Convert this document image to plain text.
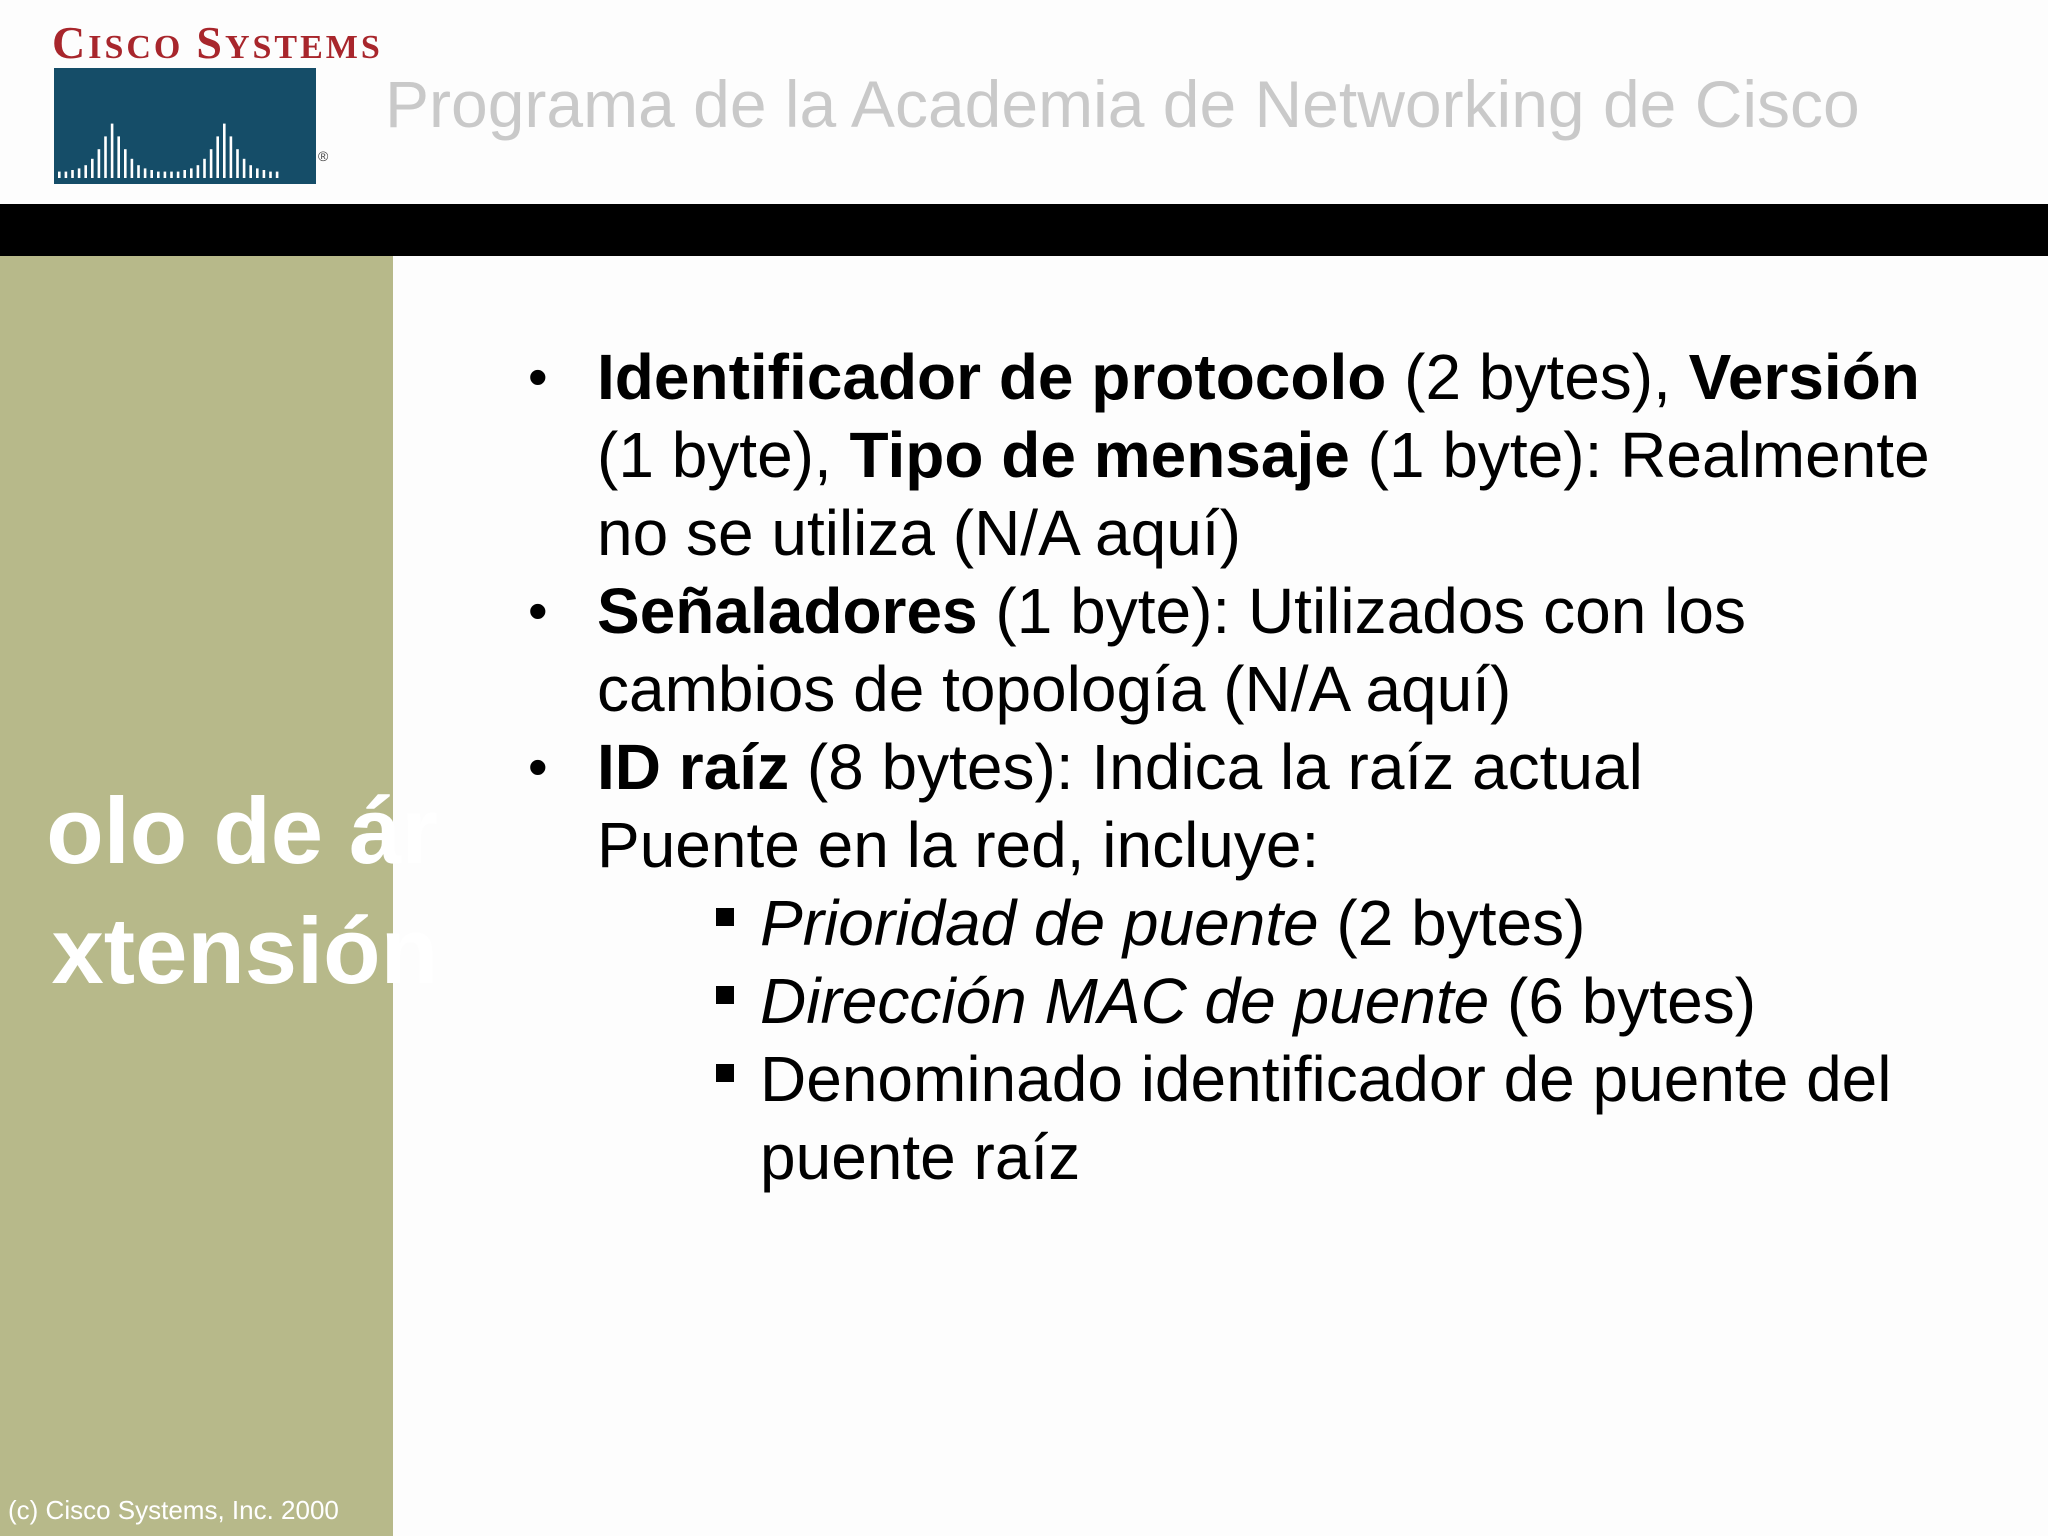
CISCO SYSTEMS
®
Programa de la Academia de Networking de Cisco
olo de ár
xtensión
(c) Cisco Systems, Inc. 2000
• Identificador de protocolo (2 bytes), Versión (1 byte), Tipo de mensaje (1 byte): Realmente no se utiliza (N/A aquí)
• Señaladores (1 byte): Utilizados con los cambios de topología (N/A aquí)
• ID raíz (8 bytes): Indica la raíz actual Puente en la red, incluye:
Prioridad de puente (2 bytes)
Dirección MAC de puente (6 bytes)
Denominado identificador de puente del puente raíz
